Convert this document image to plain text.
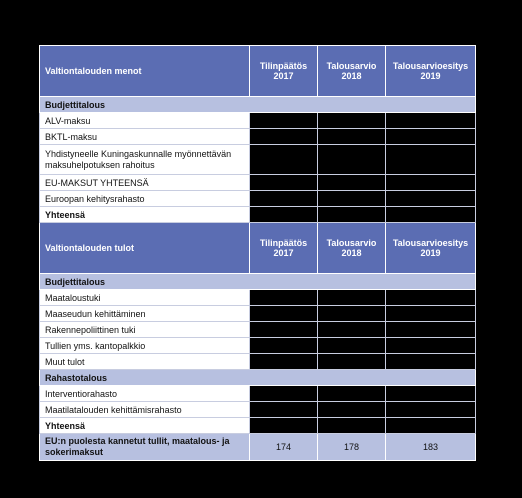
Valtiontalouden menot	Tilinpäätös 2017	Talousarvio 2018	Talousarvioesitys 2019
Budjettitalous			
ALV-maksu			
BKTL-maksu			
Yhdistyneelle Kuningaskunnalle myönnettävän maksuhelpotuksen rahoitus			
EU-MAKSUT YHTEENSÄ			
Euroopan kehitysrahasto			
Yhteensä			
Valtiontalouden tulot	Tilinpäätös 2017	Talousarvio 2018	Talousarvioesitys 2019
Budjettitalous			
Maataloustuki			
Maaseudun kehittäminen			
Rakennepoliittinen tuki			
Tullien yms. kantopalkkio			
Muut tulot			
Rahastotalous			
Interventiorahasto			
Maatilatalouden kehittämisrahasto			
Yhteensä			
EU:n puolesta kannetut tullit, maatalous- ja sokerimaksut	174	178	183
